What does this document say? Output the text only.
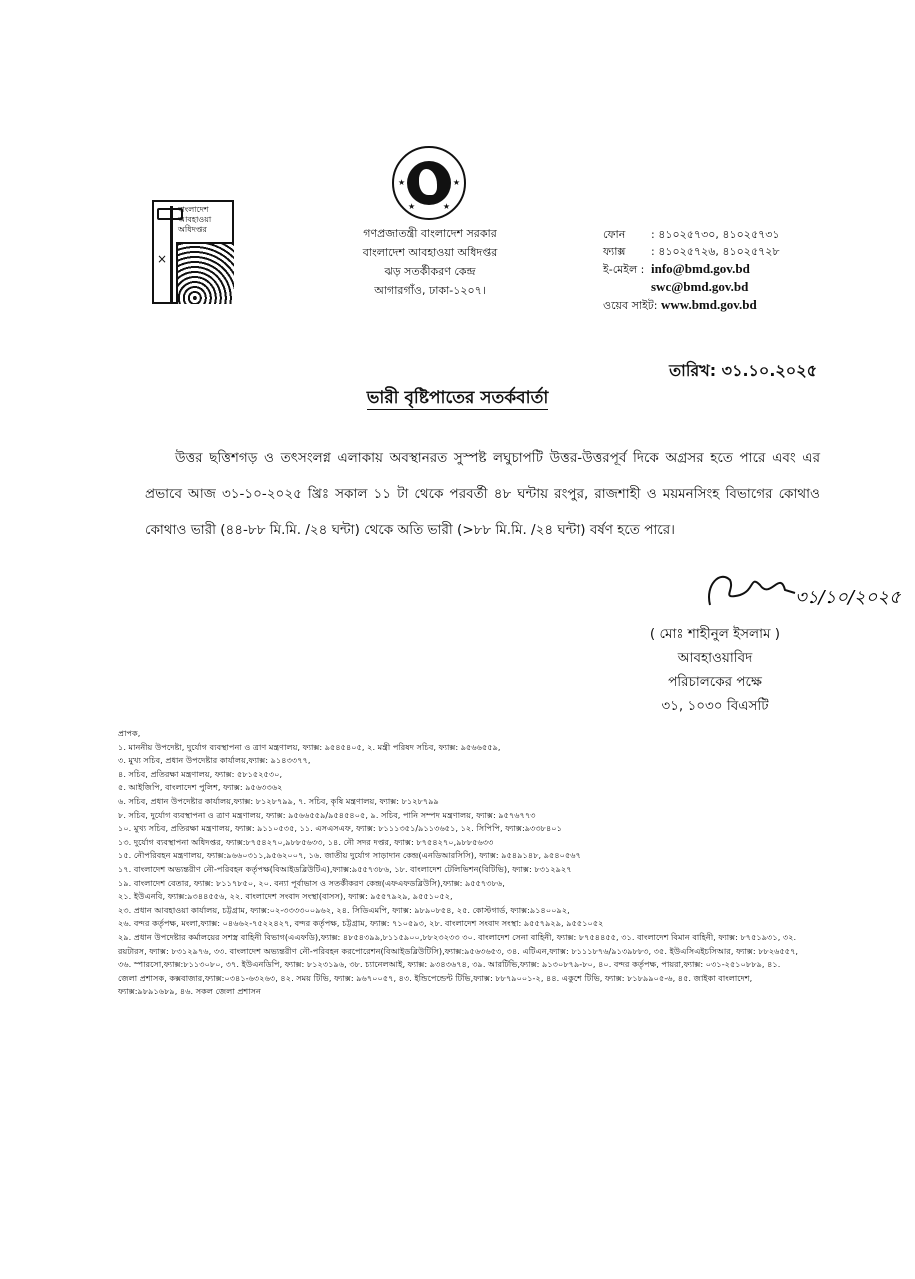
বাংলাদেশ
আবহাওয়া
অধিদপ্তর
×
★	★
★	★
গণপ্রজাতন্ত্রী বাংলাদেশ সরকার
বাংলাদেশ আবহাওয়া অধিদপ্তর
ঝড় সতর্কীকরণ কেন্দ্র
আগারগাঁও, ঢাকা-১২০৭।
ফোন : ৪১০২৫৭৩০, ৪১০২৫৭৩১
ফ্যাক্স : ৪১০২৫৭২৬, ৪১০২৫৭২৮
ই-মেইল : info@bmd.gov.bd
swc@bmd.gov.bd
ওয়েব সাইট: www.bmd.gov.bd
তারিখ: ৩১.১০.২০২৫
ভারী বৃষ্টিপাতের সতর্কবার্তা
উত্তর ছত্তিশগড় ও তৎসংলগ্ন এলাকায় অবস্থানরত সুস্পষ্ট লঘুচাপটি উত্তর-উত্তরপূর্ব দিকে অগ্রসর হতে পারে এবং এর প্রভাবে আজ ৩১-১০-২০২৫ খ্রিঃ সকাল ১১ টা থেকে পরবর্তী ৪৮ ঘন্টায় রংপুর, রাজশাহী ও ময়মনসিংহ বিভাগের কোথাও কোথাও ভারী (৪৪-৮৮ মি.মি. /২৪ ঘন্টা) থেকে অতি ভারী (>৮৮ মি.মি. /২৪ ঘন্টা) বর্ষণ হতে পারে।
৩১/১০/২০২৫
( মোঃ শাহীনুল ইসলাম )
আবহাওয়াবিদ
পরিচালকের পক্ষে
৩১, ১০৩০ বিএসটি
প্রাপক,
১. মাননীয় উপদেষ্টা, দুর্যোগ ব্যবস্থাপনা ও ত্রাণ মন্ত্রণালয়, ফ্যাক্স: ৯৫৪৫৪০৫, ২. মন্ত্রী পরিষদ সচিব, ফ্যাক্স: ৯৫৬৬৫৫৯,
৩. মুখ্য সচিব, প্রধান উপদেষ্টার কার্যালয়,ফ্যাক্স: ৯১৪৩৩৭৭,
৪. সচিব, প্রতিরক্ষা মন্ত্রণালয়, ফ্যাক্স: ৫৮১৫২৫৩০,
৫. আইজিপি, বাংলাদেশ পুলিশ, ফ্যাক্স: ৯৫৬৩৩৬২
৬. সচিব, প্রধান উপদেষ্টার কার্যালয়,ফ্যাক্স: ৮১২৮৭৯৯, ৭. সচিব, কৃষি মন্ত্রণালয়, ফ্যাক্স: ৮১২৮৭৯৯
৮. সচিব, দুর্যোগ ব্যবস্থাপনা ও ত্রাণ মন্ত্রণালয়, ফ্যাক্স: ৯৫৬৬৫৫৯/৯৫৪৫৪০৫, ৯. সচিব, পানি সম্পদ মন্ত্রণালয়, ফ্যাক্স: ৯৫৭৬৭৭৩
১০. মুখ্য সচিব, প্রতিরক্ষা মন্ত্রণালয়, ফ্যাক্স: ৯১১০৫৩৫, ১১. এসএসএফ, ফ্যাক্স: ৮১১১৩৫১/৯১১৩৬৫১, ১২. সিপিপি, ফ্যাক্স:৯৩৩৮৪০১
১৩. দুর্যোগ ব্যবস্থাপনা অধিদপ্তর, ফ্যাক্স:৮৭৫৪২৭০,৯৮৮৫৬৩৩, ১৪. নৌ সদর দপ্তর, ফ্যাক্স: ৮৭৫৪২৭০,৯৮৮৫৬৩৩
১৫. নৌপরিবহন মন্ত্রণালয়, ফ্যাক্স:৯৬৬০৩১১,৯৫৬২০০৭, ১৬. জাতীয় দুর্যোগ সাড়াদান কেন্দ্র(এনডিআরসিসি), ফ্যাক্স: ৯৫৪৯১৪৮, ৯৫৪০৫৬৭
১৭. বাংলাদেশ অভ্যন্তরীণ নৌ-পরিবহন কর্তৃপক্ষ(বিআইডব্লিউটিএ),ফ্যাক্স:৯৫৫৭৩৮৬, ১৮. বাংলাদেশ টেলিভিশন(বিটিভি), ফ্যাক্স: ৮৩১২৯২৭
১৯. বাংলাদেশ বেতার, ফ্যাক্স: ৮১১৭৮৫০, ২০. বন্যা পূর্বাভাস ও সতর্কীকরণ কেন্দ্র(এফএফডব্লিউসি),ফ্যাক্স: ৯৫৫৭৩৮৬,
২১. ইউএনবি, ফ্যাক্স:৯৩৪৪৫৫৬, ২২. বাংলাদেশ সংবাদ সংস্থা(বাসস), ফ্যাক্স: ৯৫৫৭৯২৯, ৯৫৫১০৫২,
২৩. প্রধান আবহাওয়া কার্যালয়, চট্টগ্রাম, ফ্যাক্স:০২-৩৩৩৩০০৯৬২, ২৪. সিডিএমপি, ফ্যাক্স: ৯৮৯০৮৫৪, ২৫. কোস্টগার্ড, ফ্যাক্স:৯১৪০০৯২,
২৬. বন্দর কর্তৃপক্ষ, মংলা,ফ্যাক্স: ০৪৬৬২-৭৫২২৪২৭, বন্দর কর্তৃপক্ষ, চট্টগ্রাম, ফ্যাক্স: ৭১০৫৯৩, ২৮. বাংলাদেশ সংবাদ সংস্থা: ৯৫৫৭৯২৯, ৯৫৫১০৫২
২৯. প্রধান উপদেষ্টার কর্মালয়ের সশস্ত্র বাহিনী বিভাগ(এএফডি),ফ্যাক্স: ৪৮৫৪৩৯৯,৮১১৫৯০০,৮৮২৩২৩৩ ৩০. বাংলাদেশ সেনা বাহিনী, ফ্যাক্স: ৮৭৫৪৪৫৫, ৩১. বাংলাদেশ বিমান বাহিনী, ফ্যাক্স: ৮৭৫১৯৩১, ৩২. রয়টারস, ফ্যাক্স: ৮৩১২৯৭৬, ৩৩. বাংলাদেশ অভ্যন্তরীণ নৌ-পরিবহন করপোরেশন(বিআইডব্লিউটিসি),ফ্যাক্স:৯৫৬৩৬৫৩, ৩৪. এটিএন,ফ্যাক্স: ৮১১১৮৭৬/৯১৩৯৮৮৩, ৩৫. ইউএসিএইচসিআর, ফ্যাক্স: ৮৮২৬৫৫৭, ৩৬. স্পারসো,ফ্যাক্স:৮১১৩০৮০, ৩৭. ইউএনডিপি, ফ্যাক্স: ৮১২৩১৯৬, ৩৮. চ্যানেলআই, ফ্যাক্স: ৯৩৪৩৬৭৪, ৩৯. আরটিভি,ফ্যাক্স: ৯১৩০৮৭৯-৮০, ৪০. বন্দর কর্তৃপক্ষ, পায়রা,ফ্যাক্স: ০৩১-২৫১০৮৮৯, ৪১. জেলা প্রশাসক, কক্সবাজার,ফ্যাক্স:০৩৪১-৬৩২৬৩, ৪২. সময় টিভি, ফ্যাক্স: ৯৬৭০০৫৭, ৪৩. ইন্ডিপেন্ডেন্ট টিভি,ফ্যাক্স: ৮৮৭৯০০১-২, ৪৪. একুশে টিভি, ফ্যাক্স: ৮১৮৯৯০৫-৬, ৪৫. জাইকা বাংলাদেশ, ফ্যাক্স:৯৮৯১৬৮৯, ৪৬. সকল জেলা প্রশাসন
